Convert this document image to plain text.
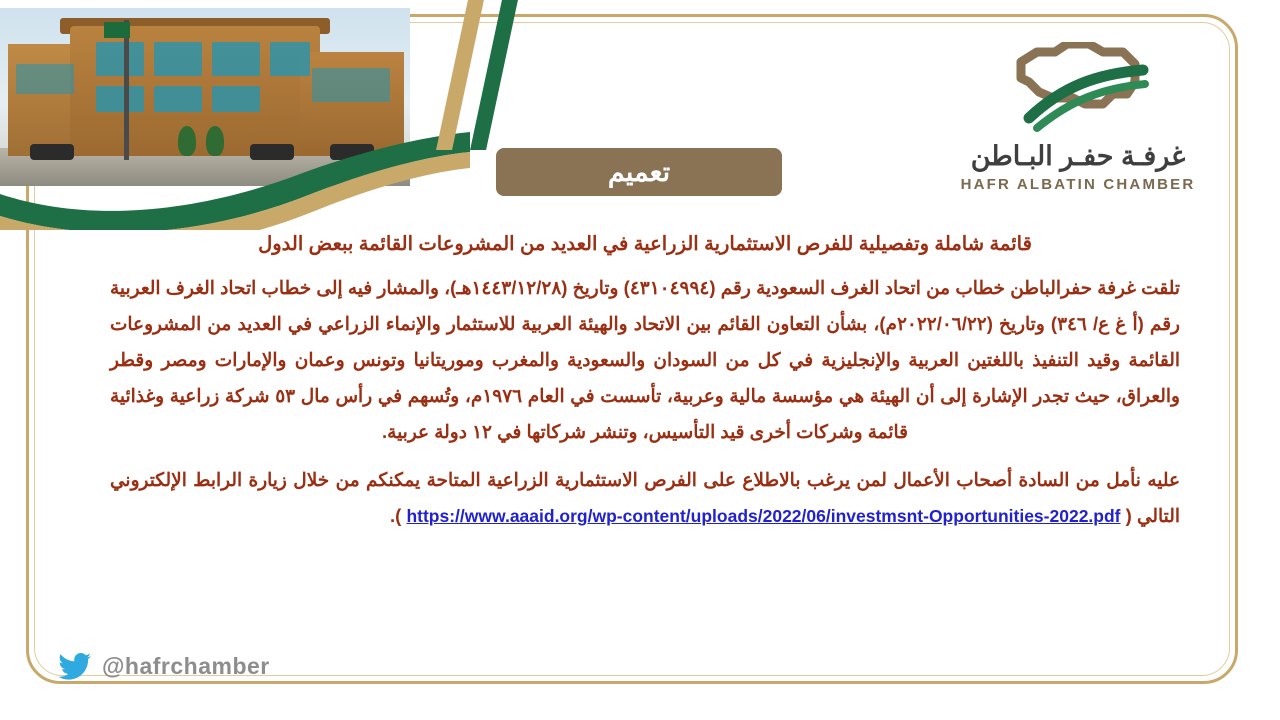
غرفـة حفـر البـاطن
HAFR ALBATIN CHAMBER
تعميم
قائمة شاملة وتفصيلية للفرص الاستثمارية الزراعية في العديد من المشروعات القائمة ببعض الدول
تلقت غرفة حفرالباطن خطاب من اتحاد الغرف السعودية رقم (٤٣١٠٤٩٩٤) وتاريخ (١٤٤٣/١٢/٢٨هـ)، والمشار فيه إلى خطاب اتحاد الغرف العربية رقم (أ غ ع/ ٣٤٦) وتاريخ (٢٠٢٢/٠٦/٢٢م)، بشأن التعاون القائم بين الاتحاد والهيئة العربية للاستثمار والإنماء الزراعي في العديد من المشروعات القائمة وقيد التنفيذ باللغتين العربية والإنجليزية في كل من السودان والسعودية والمغرب وموريتانيا وتونس وعمان والإمارات ومصر وقطر والعراق، حيث تجدر الإشارة إلى أن الهيئة هي مؤسسة مالية وعربية، تأسست في العام ١٩٧٦م، وتُسهم في رأس مال ٥٣ شركة زراعية وغذائية قائمة وشركات أخرى قيد التأسيس، وتنشر شركاتها في ١٢ دولة عربية.
عليه نأمل من السادة أصحاب الأعمال لمن يرغب بالاطلاع على الفرص الاستثمارية الزراعية المتاحة يمكنكم من خلال زيارة الرابط الإلكتروني التالي ( https://www.aaaid.org/wp-content/uploads/2022/06/investmsnt-Opportunities-2022.pdf ).
@hafrchamber
